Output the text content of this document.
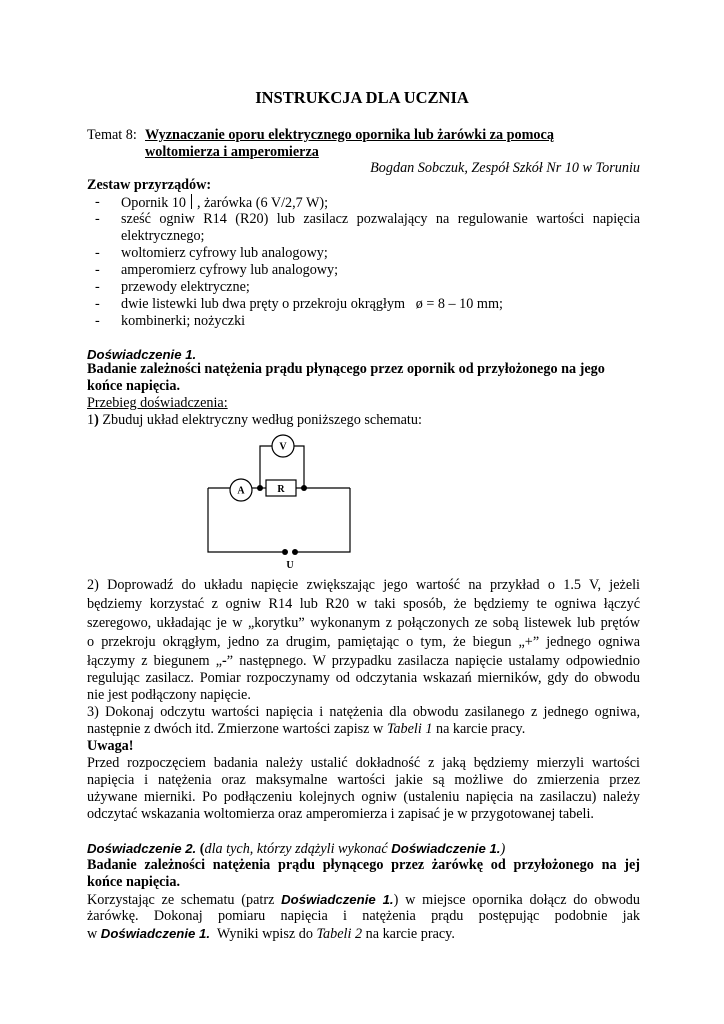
INSTRUKCJA DLA UCZNIA
Temat 8: Wyznaczanie oporu elektrycznego opornika lub żarówki za pomocą
woltomierza i amperomierza
Bogdan Sobczuk, Zespół Szkół Nr 10 w Toruniu
Zestaw przyrządów:
- Opornik 10 , żarówka (6 V/2,7 W);
- sześć ogniw R14 (R20) lub zasilacz pozwalający na regulowanie wartości napięcia
elektrycznego;
- woltomierz cyfrowy lub analogowy;
- amperomierz cyfrowy lub analogowy;
- przewody elektryczne;
- dwie listewki lub dwa pręty o przekroju okrągłym   ø = 8 – 10 mm;
- kombinerki; nożyczki
Doświadczenie 1.
Badanie zależności natężenia prądu płynącego przez opornik od przyłożonego na jego
końce napięcia.
Przebieg doświadczenia:
1) Zbuduj układ elektryczny według poniższego schematu:
V
A	R
U
2) Doprowadź do układu napięcie zwiększając jego wartość na przykład o 1.5 V, jeżeli
będziemy korzystać z ogniw R14 lub R20 w taki sposób, że będziemy te ogniwa łączyć
szeregowo, układając je w „korytku” wykonanym z połączonych ze sobą listewek lub prętów
o przekroju okrągłym, jedno za drugim, pamiętając o tym, że biegun „+” jednego ogniwa
łączymy z biegunem „-” następnego. W przypadku zasilacza napięcie ustalamy odpowiednio
regulując zasilacz. Pomiar rozpoczynamy od odczytania wskazań mierników, gdy do obwodu
nie jest podłączony napięcie.
3) Dokonaj odczytu wartości napięcia i natężenia dla obwodu zasilanego z jednego ogniwa,
następnie z dwóch itd. Zmierzone wartości zapisz w Tabeli 1 na karcie pracy.
Uwaga!
Przed rozpoczęciem badania należy ustalić dokładność z jaką będziemy mierzyli wartości
napięcia i natężenia oraz maksymalne wartości jakie są możliwe do zmierzenia przez
używane mierniki. Po podłączeniu kolejnych ogniw (ustaleniu napięcia na zasilaczu) należy
odczytać wskazania woltomierza oraz amperomierza i zapisać je w przygotowanej tabeli.
Doświadczenie 2. (dla tych, którzy zdążyli wykonać Doświadczenie 1.)
Badanie zależności natężenia prądu płynącego przez żarówkę od przyłożonego na jej
końce napięcia.
Korzystając ze schematu (patrz Doświadczenie 1.) w miejsce opornika dołącz do obwodu
żarówkę. Dokonaj pomiaru napięcia i natężenia prądu postępując podobnie jak
w Doświadczenie 1.  Wyniki wpisz do Tabeli 2 na karcie pracy.
